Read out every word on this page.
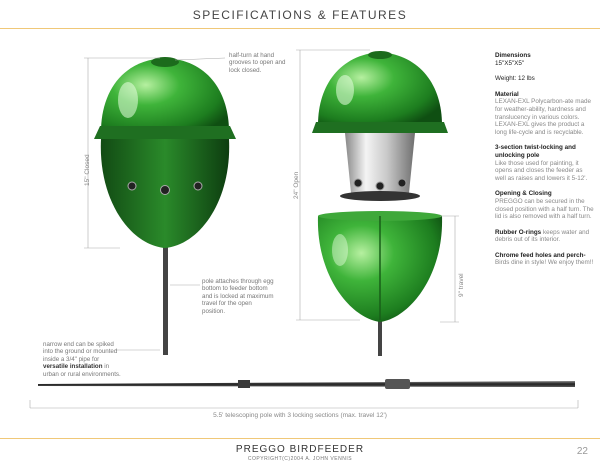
SPECIFICATIONS & FEATURES
half-turn at hand grooves to open and lock closed.
pole attaches through egg bottom to feeder bottom and is locked at maximum travel for the open position.
narrow end can be spiked into the ground or mounted inside a 3/4" pipe for versatile installation in urban or rural environments.
15" Closed	24" Open
9" travel
5.5' telescoping pole with 3 locking sections (max. travel 12')
Dimensions
15"X5"X5"
Weight: 12 lbs
Material
LEXAN-EXL Polycarbon-ate made for weather-ability, hardness and translucency in various colors. LEXAN-EXL gives the product a long life-cycle and is recyclable.
3-section twist-locking and unlocking pole
Like those used for painting, it opens and closes the feeder as well as raises and lowers it 5-12'.
Opening & Closing
PREGGO can be secured in the closed position with a half turn. The lid is also removed with a half turn.
Rubber O-rings keeps water and debris out of its interior.
Chrome feed holes and perch-Birds dine in style! We enjoy them!!
PREGGO BIRDFEEDER
COPYRIGHT(C)2004 A. JOHN VENNIS
22
